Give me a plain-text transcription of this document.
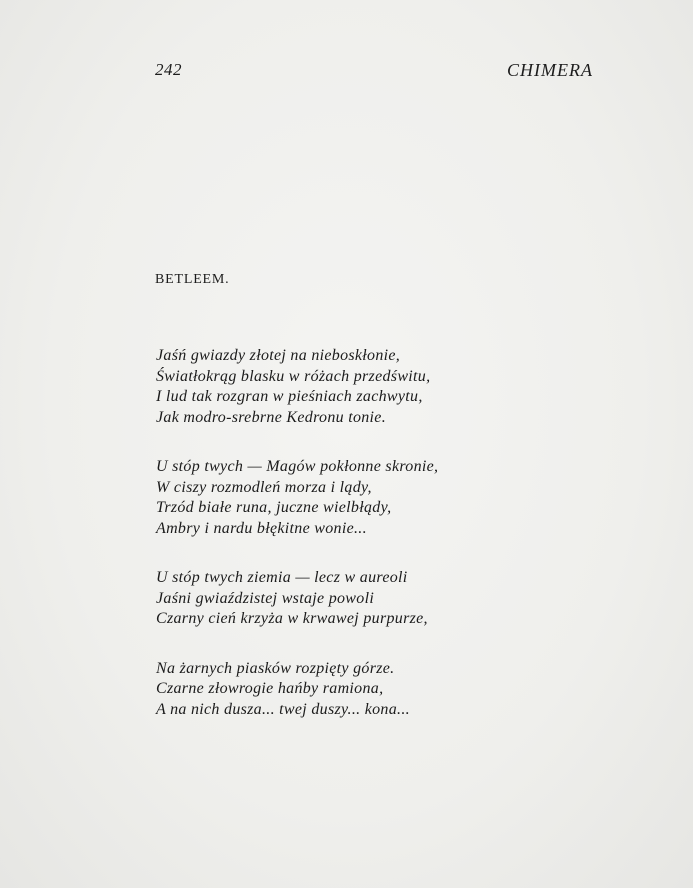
242	CHIMERA
BETLEEM.

Jaśń gwiazdy złotej na nieboskłonie,
Światłokrąg blasku w różach przedświtu,
I lud tak rozgran w pieśniach zachwytu,
Jak modro-srebrne Kedronu tonie.

U stóp twych — Magów pokłonne skronie,
W ciszy rozmodleń morza i lądy,
Trzód białe runa, juczne wielbłądy,
Ambry i nardu błękitne wonie...

U stóp twych ziemia — lecz w aureoli
Jaśni gwiaździstej wstaje powoli
Czarny cień krzyża w krwawej purpurze,

Na żarnych piasków rozpięty górze.
Czarne złowrogie hańby ramiona,
A na nich dusza... twej duszy... kona...
